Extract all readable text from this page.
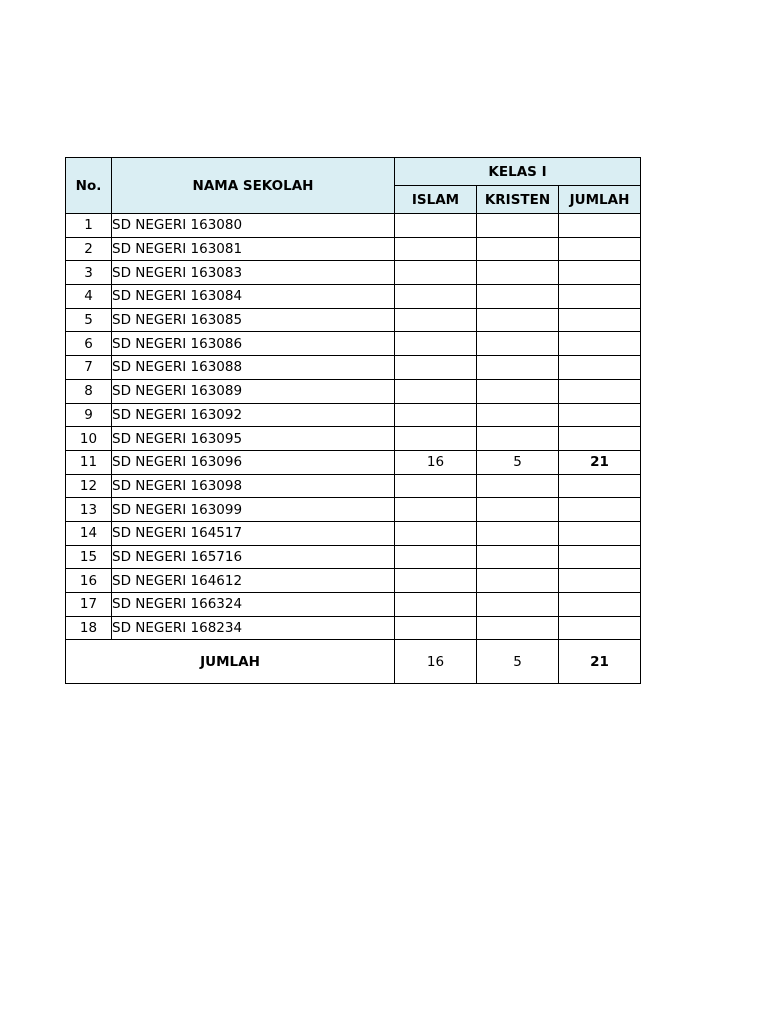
No.	NAMA SEKOLAH	KELAS I		
		ISLAM	KRISTEN	JUMLAH
1	SD NEGERI 163080			
2	SD NEGERI 163081			
3	SD NEGERI 163083			
4	SD NEGERI 163084			
5	SD NEGERI 163085			
6	SD NEGERI 163086			
7	SD NEGERI 163088			
8	SD NEGERI 163089			
9	SD NEGERI 163092			
10	SD NEGERI 163095			
11	SD NEGERI 163096	16	5	21
12	SD NEGERI 163098			
13	SD NEGERI 163099			
14	SD NEGERI 164517			
15	SD NEGERI 165716			
16	SD NEGERI 164612			
17	SD NEGERI 166324			
18	SD NEGERI 168234			
JUMLAH		16	5	21
